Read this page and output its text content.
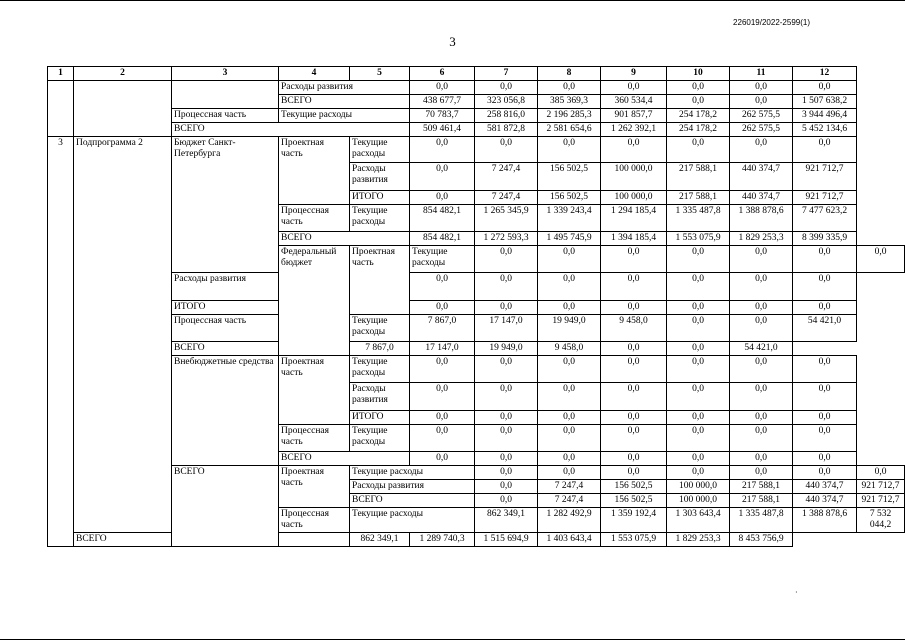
226019/2022-2599(1)
3
1	2	3	4	5	6	7	8	9	10	11	12	
			Расходы развития		0,0	0,0	0,0	0,0	0,0	0,0	0,0	
			ВСЕГО		438 677,7	323 056,8	385 369,3	360 534,4	0,0	0,0	1 507 638,2	
		Процессная часть	Текущие расходы		70 783,7	258 816,0	2 196 285,3	901 857,7	254 178,2	262 575,5	3 944 496,4	
		ВСЕГО			509 461,4	581 872,8	2 581 654,6	1 262 392,1	254 178,2	262 575,5	5 452 134,6	
3	Подпрограмма 2	Бюджет Санкт-Петербурга	Проектная часть	Текущие расходы	0,0	0,0	0,0	0,0	0,0	0,0	0,0	
				Расходы развития	0,0	7 247,4	156 502,5	100 000,0	217 588,1	440 374,7	921 712,7	
				ИТОГО	0,0	7 247,4	156 502,5	100 000,0	217 588,1	440 374,7	921 712,7	
			Процессная часть	Текущие расходы	854 482,1	1 265 345,9	1 339 243,4	1 294 185,4	1 335 487,8	1 388 878,6	7 477 623,2	
			ВСЕГО		854 482,1	1 272 593,3	1 495 745,9	1 394 185,4	1 553 075,9	1 829 253,3	8 399 335,9	
			Федеральный бюджет	Проектная часть	Текущие расходы	0,0	0,0	0,0	0,0	0,0	0,0	0,0
		Расходы развития			0,0	0,0	0,0	0,0	0,0	0,0	0,0	
		ИТОГО			0,0	0,0	0,0	0,0	0,0	0,0	0,0	
		Процессная часть		Текущие расходы	7 867,0	17 147,0	19 949,0	9 458,0	0,0	0,0	54 421,0	
		ВСЕГО		7 867,0	17 147,0	19 949,0	9 458,0	0,0	0,0	54 421,0		
		Внебюджетные средства	Проектная часть	Текущие расходы	0,0	0,0	0,0	0,0	0,0	0,0	0,0	
				Расходы развития	0,0	0,0	0,0	0,0	0,0	0,0	0,0	
				ИТОГО	0,0	0,0	0,0	0,0	0,0	0,0	0,0	
			Процессная часть	Текущие расходы	0,0	0,0	0,0	0,0	0,0	0,0	0,0	
			ВСЕГО		0,0	0,0	0,0	0,0	0,0	0,0	0,0	
		ВСЕГО	Проектная часть	Текущие расходы		0,0	0,0	0,0	0,0	0,0	0,0	0,0
				Расходы развития		0,0	7 247,4	156 502,5	100 000,0	217 588,1	440 374,7	921 712,7
				ВСЕГО		0,0	7 247,4	156 502,5	100 000,0	217 588,1	440 374,7	921 712,7
			Процессная часть	Текущие расходы		862 349,1	1 282 492,9	1 359 192,4	1 303 643,4	1 335 487,8	1 388 878,6	7 532 044,2
	ВСЕГО			862 349,1	1 289 740,3	1 515 694,9	1 403 643,4	1 553 075,9	1 829 253,3	8 453 756,9		
·
